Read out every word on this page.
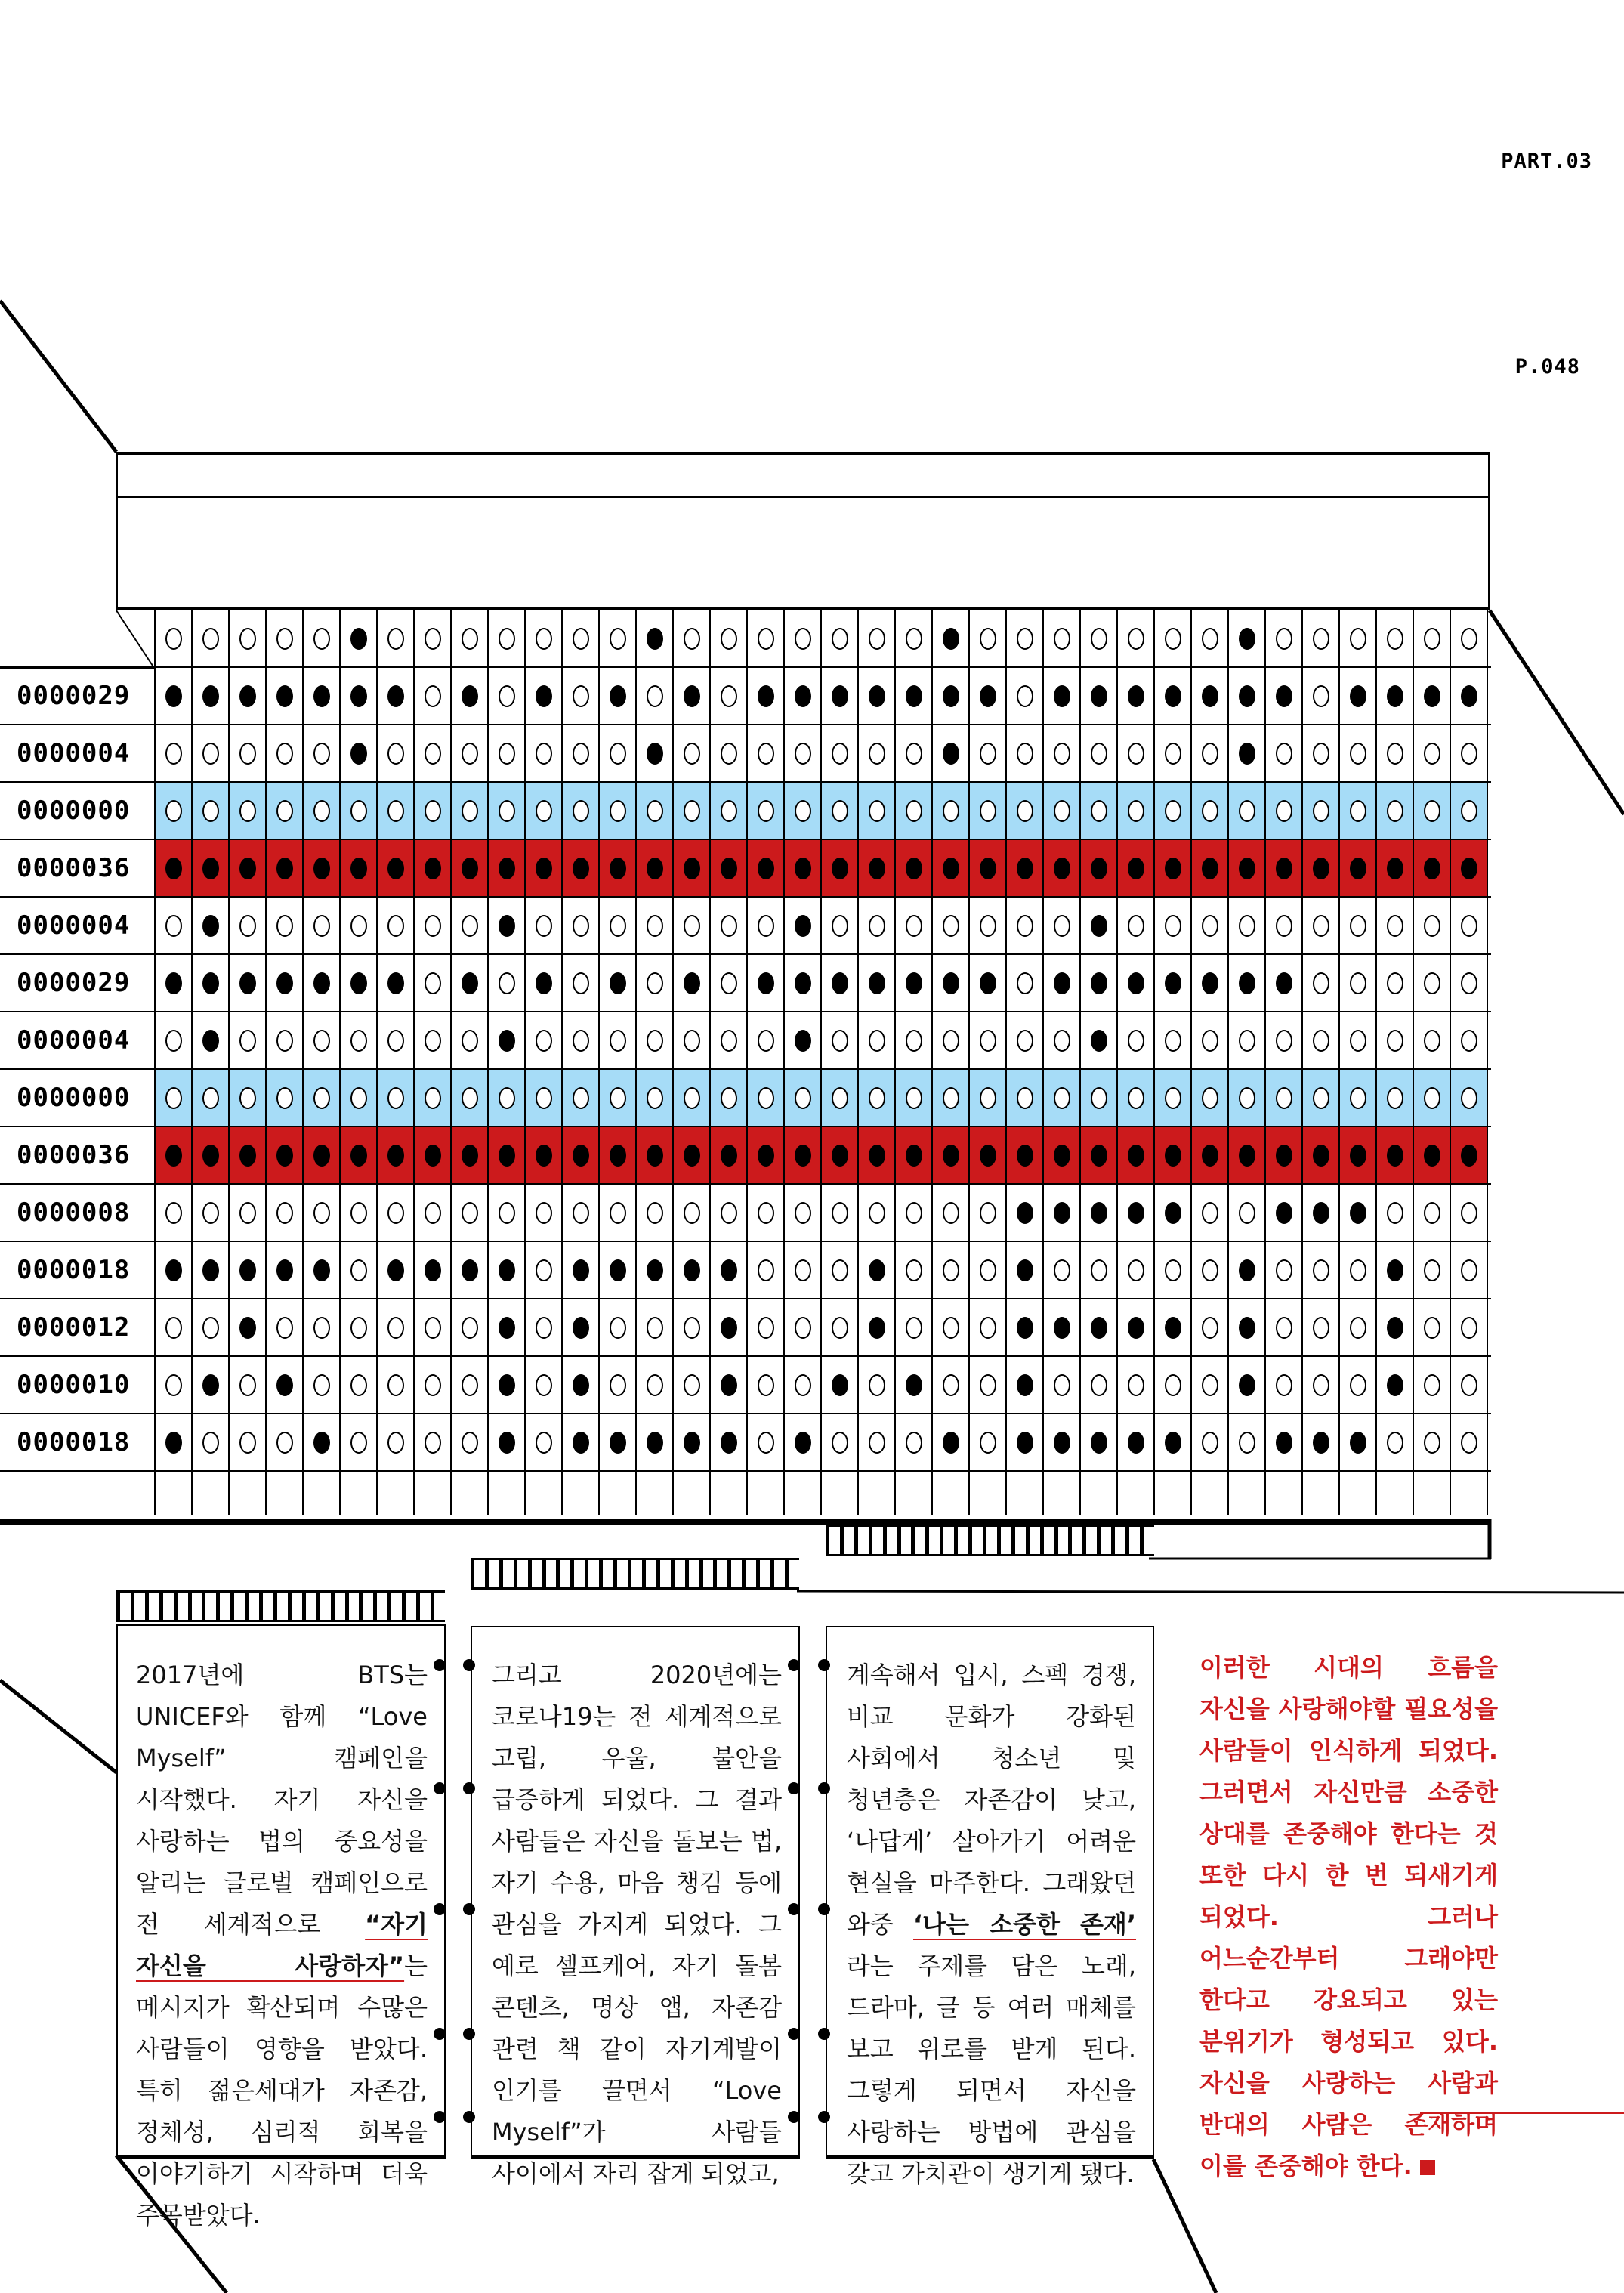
PART.03
P.048
0000029
0000004
0000000
0000036
0000004
0000029
0000004
0000000
0000036
0000008
0000018
0000012
0000010
0000018

2017년에 BTS는 UNICEF와 함께 “Love Myself” 캠페인을 시작했다. 자기 자신을 사랑하는 법의 중요성을 알리는 글로벌 캠페인으로 전 세계적으로 “자기 자신을 사랑하자”는 메시지가 확산되며 수많은 사람들이 영향을 받았다. 특히 젊은세대가 자존감, 정체성, 심리적 회복을 이야기하기 시작하며 더욱 주목받았다.

그리고 2020년에는 코로나19는 전 세계적으로 고립, 우울, 불안을 급증하게 되었다. 그 결과 사람들은 자신을 돌보는 법, 자기 수용, 마음 챙김 등에 관심을 가지게 되었다. 그 예로 셀프케어, 자기 돌봄 콘텐츠, 명상 앱, 자존감 관련 책 같이 자기계발이 인기를 끌면서 “Love Myself”가 사람들 사이에서 자리 잡게 되었고,

계속해서 입시, 스펙 경쟁, 비교 문화가 강화된 사회에서 청소년 및 청년층은 자존감이 낮고, ‘나답게’ 살아가기 어려운 현실을 마주한다. 그래왔던 와중 ‘나는 소중한 존재’ 라는 주제를 담은 노래, 드라마, 글 등 여러 매체를 보고 위로를 받게 된다. 그렇게 되면서 자신을 사랑하는 방법에 관심을 갖고 가치관이 생기게 됐다.

이러한 시대의 흐름을 자신을 사랑해야할 필요성을 사람들이 인식하게 되었다. 그러면서 자신만큼 소중한 상대를 존중해야 한다는 것 또한 다시 한 번 되새기게 되었다. 그러나 어느순간부터 그래야만 한다고 강요되고 있는 분위기가 형성되고 있다. 자신을 사랑하는 사람과 반대의 사람은 존재하며 이를 존중해야 한다.
